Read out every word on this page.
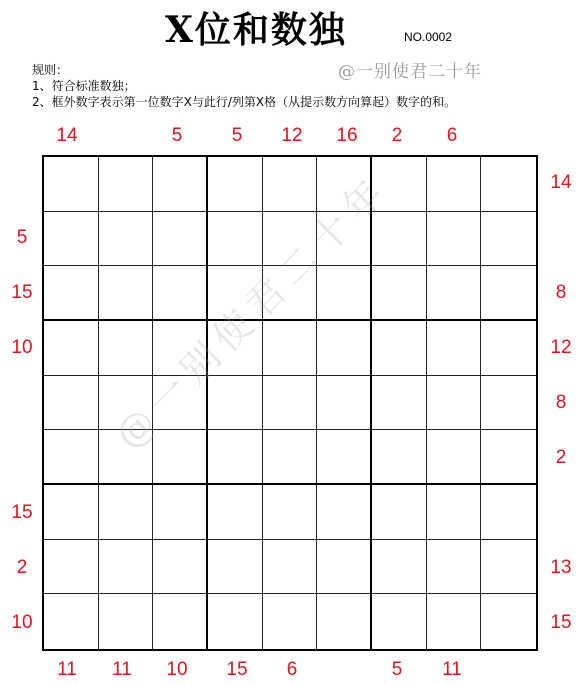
X位和数独	NO.0002
@一别使君二十年
规则：
1、符合标准数独；
2、框外数字表示第一位数字X与此行/列第X格（从提示数方向算起）数字的和。
14
11
14
11
5
5
10
15	8
5
15
10	12
12
6
8
16
2
2
5
15
6
11
2	13
10	15
@一别使君二十年
